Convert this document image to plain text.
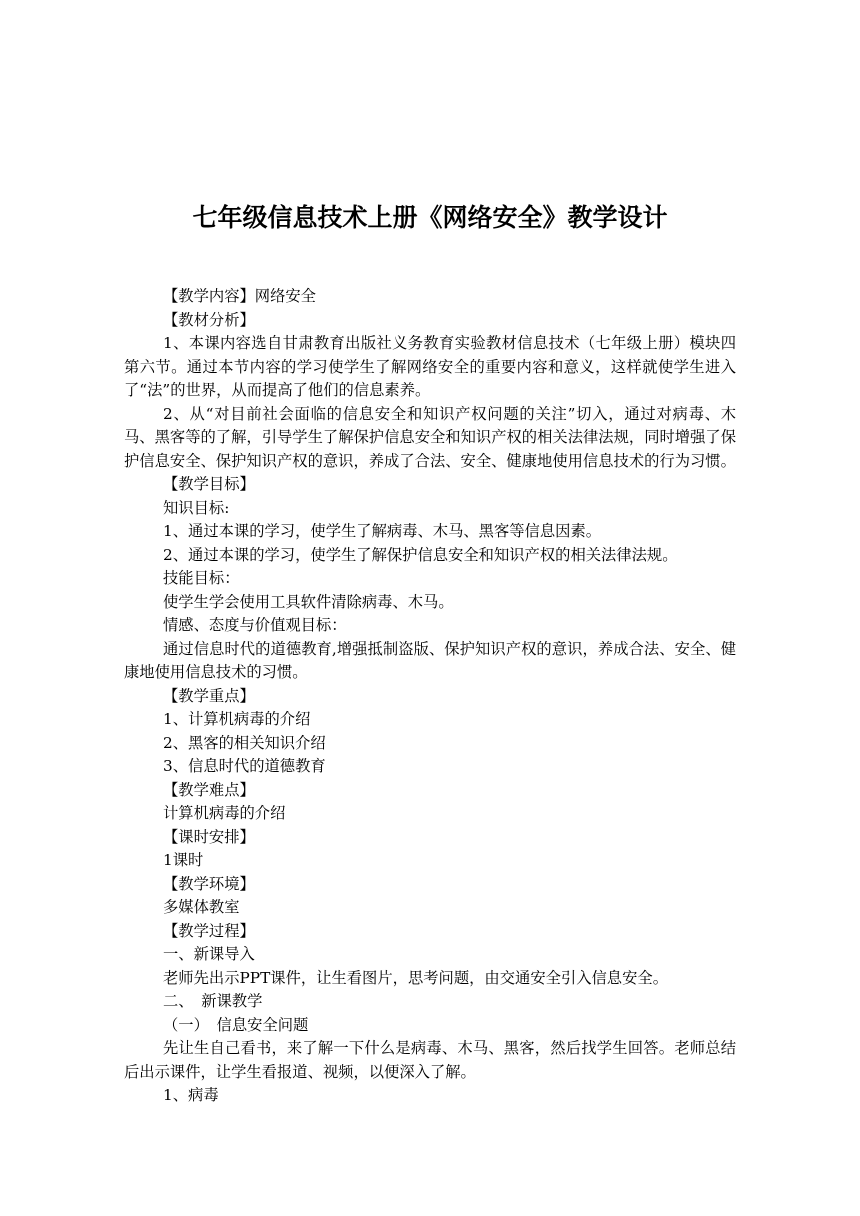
七年级信息技术上册《网络安全》教学设计

【教学内容】网络安全

【教材分析】

1、本课内容选自甘肃教育出版社义务教育实验教材信息技术（七年级上册）模块四第六节。通过本节内容的学习使学生了解网络安全的重要内容和意义，这样就使学生进入了“法”的世界，从而提高了他们的信息素养。

2、从“对目前社会面临的信息安全和知识产权问题的关注”切入，通过对病毒、木马、黑客等的了解，引导学生了解保护信息安全和知识产权的相关法律法规，同时增强了保护信息安全、保护知识产权的意识，养成了合法、安全、健康地使用信息技术的行为习惯。

【教学目标】

知识目标:

1、通过本课的学习，使学生了解病毒、木马、黑客等信息因素。

2、通过本课的学习，使学生了解保护信息安全和知识产权的相关法律法规。

技能目标：

使学生学会使用工具软件清除病毒、木马。

情感、态度与价值观目标：

通过信息时代的道德教育,增强抵制盗版、保护知识产权的意识，养成合法、安全、健康地使用信息技术的习惯。

【教学重点】

1、计算机病毒的介绍

2、黑客的相关知识介绍

3、信息时代的道德教育

【教学难点】

计算机病毒的介绍

【课时安排】

1课时

【教学环境】

多媒体教室

【教学过程】

一、新课导入

老师先出示PPT课件，让生看图片，思考问题，由交通安全引入信息安全。

二、　新课教学

（一）　信息安全问题

先让生自己看书，来了解一下什么是病毒、木马、黑客，然后找学生回答。老师总结后出示课件，让学生看报道、视频，以便深入了解。

1、病毒
